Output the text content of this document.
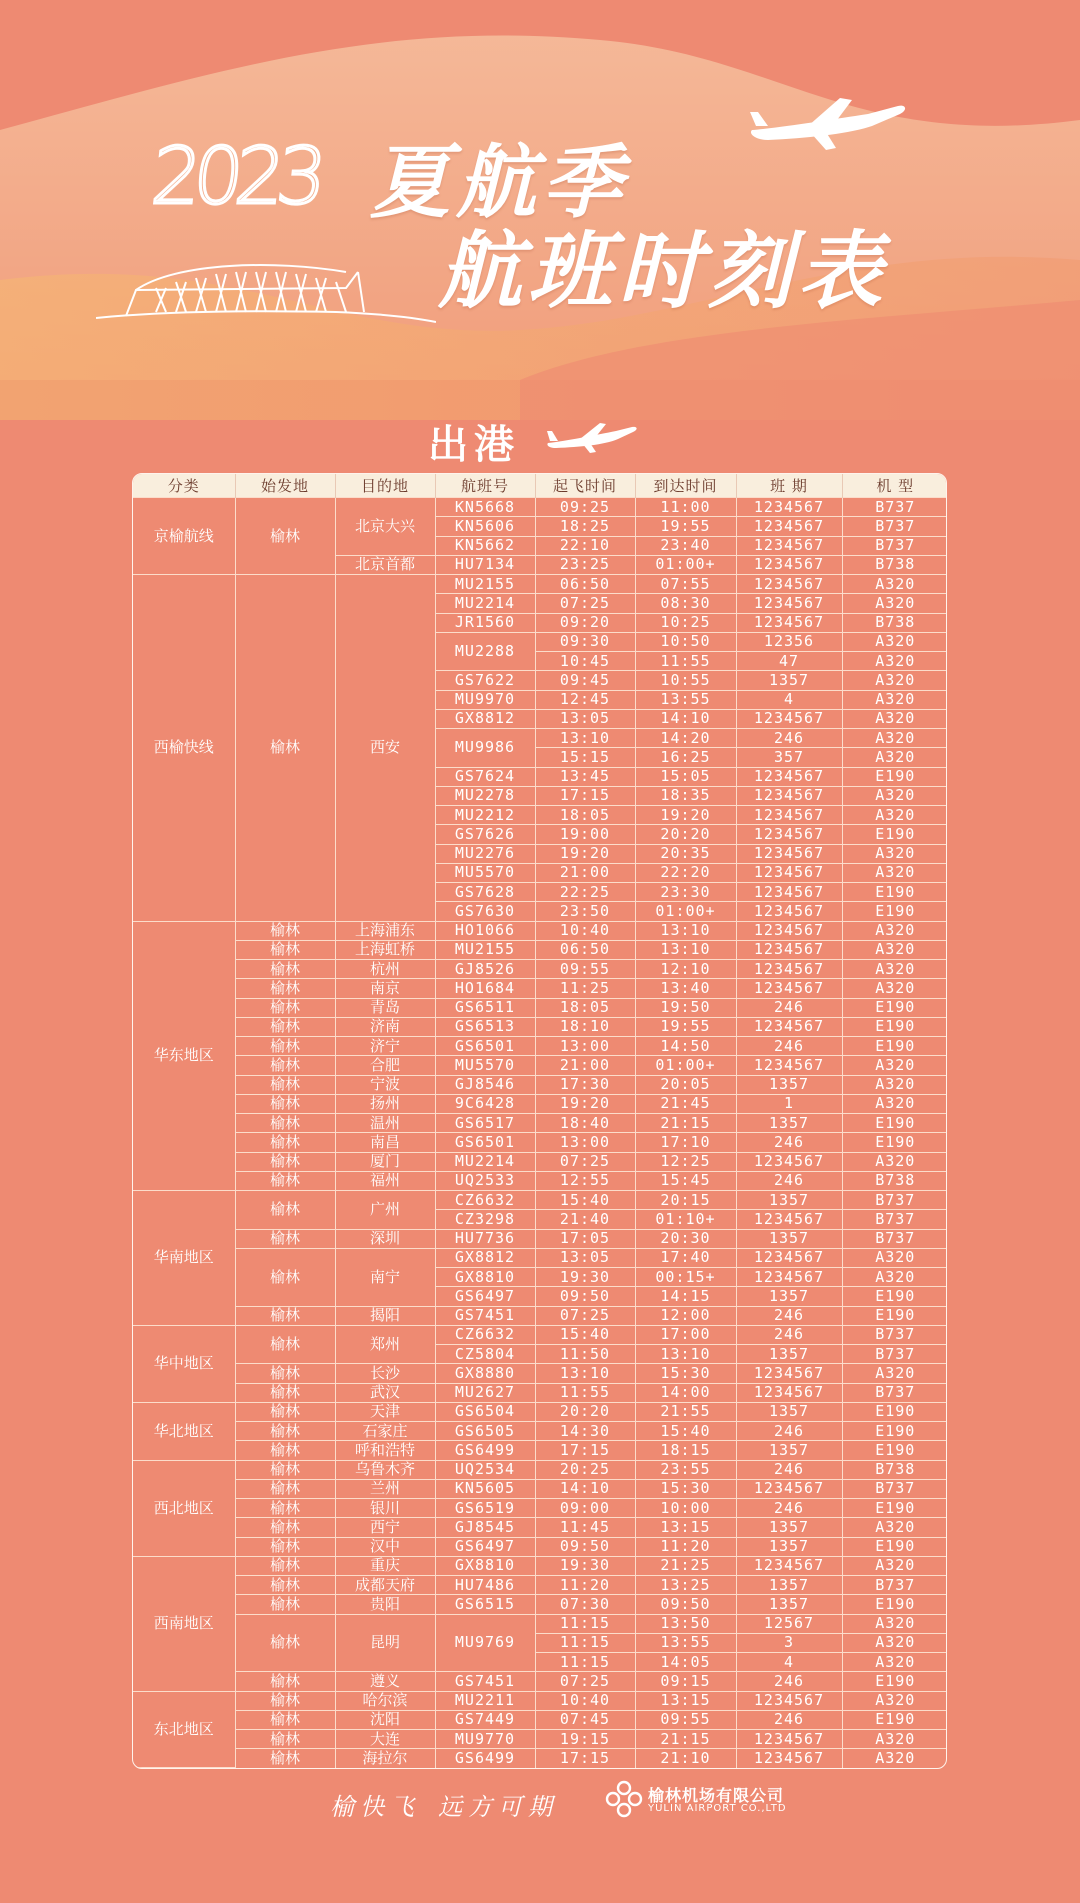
2023 夏航季
航班时刻表
出港
分类	始发地	目的地	航班号	起飞时间	到达时间	班 期	机 型
京榆航线	榆林	北京大兴	KN5668	09:25	11:00	1234567	B737
			KN5606	18:25	19:55	1234567	B737
			KN5662	22:10	23:40	1234567	B737
		北京首都	HU7134	23:25	01:00+	1234567	B738
西榆快线	榆林	西安	MU2155	06:50	07:55	1234567	A320
			MU2214	07:25	08:30	1234567	A320
			JR1560	09:20	10:25	1234567	B738
			MU2288	09:30	10:50	12356	A320
				10:45	11:55	47	A320
			GS7622	09:45	10:55	1357	A320
			MU9970	12:45	13:55	4	A320
			GX8812	13:05	14:10	1234567	A320
			MU9986	13:10	14:20	246	A320
				15:15	16:25	357	A320
			GS7624	13:45	15:05	1234567	E190
			MU2278	17:15	18:35	1234567	A320
			MU2212	18:05	19:20	1234567	A320
			GS7626	19:00	20:20	1234567	E190
			MU2276	19:20	20:35	1234567	A320
			MU5570	21:00	22:20	1234567	A320
			GS7628	22:25	23:30	1234567	E190
			GS7630	23:50	01:00+	1234567	E190
华东地区	榆林	上海浦东	HO1066	10:40	13:10	1234567	A320
	榆林	上海虹桥	MU2155	06:50	13:10	1234567	A320
	榆林	杭州	GJ8526	09:55	12:10	1234567	A320
	榆林	南京	HO1684	11:25	13:40	1234567	A320
	榆林	青岛	GS6511	18:05	19:50	246	E190
	榆林	济南	GS6513	18:10	19:55	1234567	E190
	榆林	济宁	GS6501	13:00	14:50	246	E190
	榆林	合肥	MU5570	21:00	01:00+	1234567	A320
	榆林	宁波	GJ8546	17:30	20:05	1357	A320
	榆林	扬州	9C6428	19:20	21:45	1	A320
	榆林	温州	GS6517	18:40	21:15	1357	E190
	榆林	南昌	GS6501	13:00	17:10	246	E190
	榆林	厦门	MU2214	07:25	12:25	1234567	A320
	榆林	福州	UQ2533	12:55	15:45	246	B738
华南地区	榆林	广州	CZ6632	15:40	20:15	1357	B737
			CZ3298	21:40	01:10+	1234567	B737
	榆林	深圳	HU7736	17:05	20:30	1357	B737
	榆林	南宁	GX8812	13:05	17:40	1234567	A320
			GX8810	19:30	00:15+	1234567	A320
			GS6497	09:50	14:15	1357	E190
	榆林	揭阳	GS7451	07:25	12:00	246	E190
华中地区	榆林	郑州	CZ6632	15:40	17:00	246	B737
			CZ5804	11:50	13:10	1357	B737
	榆林	长沙	GX8880	13:10	15:30	1234567	A320
	榆林	武汉	MU2627	11:55	14:00	1234567	B737
华北地区	榆林	天津	GS6504	20:20	21:55	1357	E190
	榆林	石家庄	GS6505	14:30	15:40	246	E190
	榆林	呼和浩特	GS6499	17:15	18:15	1357	E190
西北地区	榆林	乌鲁木齐	UQ2534	20:25	23:55	246	B738
	榆林	兰州	KN5605	14:10	15:30	1234567	B737
	榆林	银川	GS6519	09:00	10:00	246	E190
	榆林	西宁	GJ8545	11:45	13:15	1357	A320
	榆林	汉中	GS6497	09:50	11:20	1357	E190
西南地区	榆林	重庆	GX8810	19:30	21:25	1234567	A320
	榆林	成都天府	HU7486	11:20	13:25	1357	B737
	榆林	贵阳	GS6515	07:30	09:50	1357	E190
	榆林	昆明	MU9769	11:15	13:50	12567	A320
				11:15	13:55	3	A320
				11:15	14:05	4	A320
	榆林	遵义	GS7451	07:25	09:15	246	E190
东北地区	榆林	哈尔滨	MU2211	10:40	13:15	1234567	A320
	榆林	沈阳	GS7449	07:45	09:55	246	E190
	榆林	大连	MU9770	19:15	21:15	1234567	A320
	榆林	海拉尔	GS6499	17:15	21:10	1234567	A320
榆快飞 远方可期	榆林机场有限公司
YULIN AIRPORT CO.,LTD
